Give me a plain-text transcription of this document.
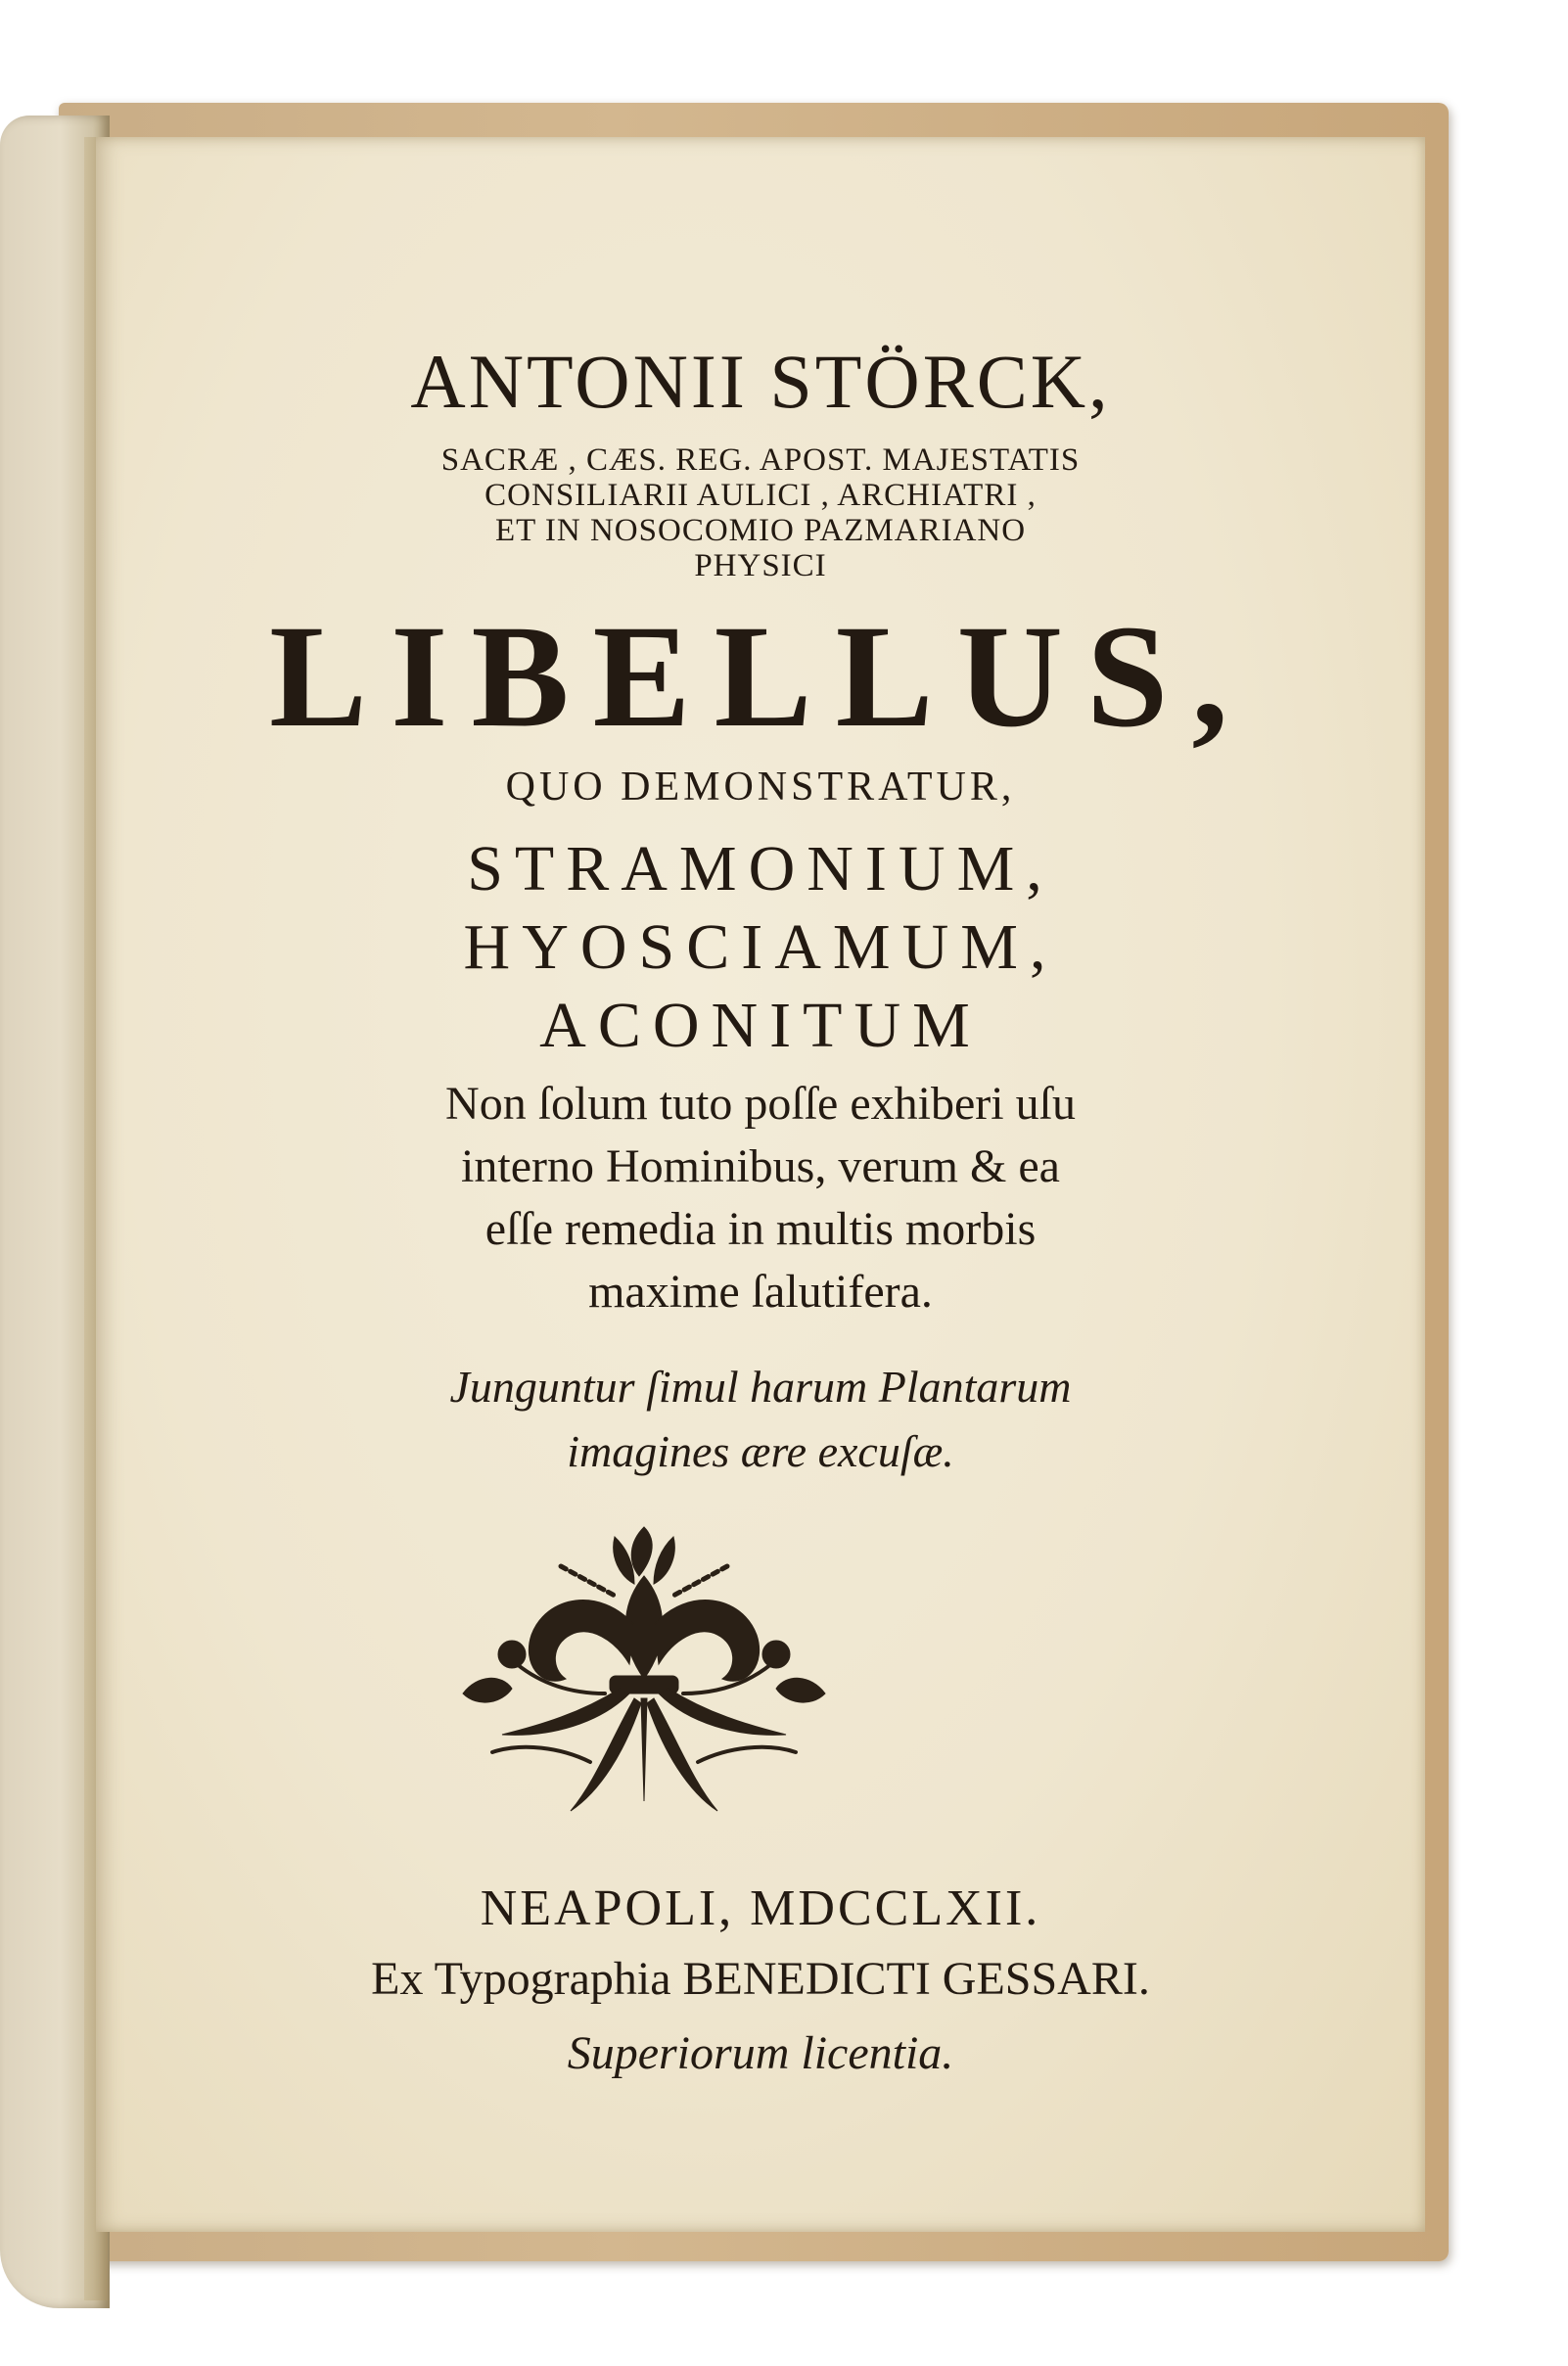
ANTONII STÖRCK,
SACRÆ , CÆS. REG. APOST. MAJESTATIS
CONSILIARII AULICI , ARCHIATRI ,
ET IN NOSOCOMIO PAZMARIANO
PHYSICI
LIBELLUS,
QUO DEMONSTRATUR,
STRAMONIUM,
HYOSCIAMUM,
ACONITUM
Non ſolum tuto poſſe exhiberi uſu
interno Hominibus, verum & ea
eſſe remedia in multis morbis
maxime ſalutifera.
Junguntur ſimul harum Plantarum
imagines ære excuſæ.
NEAPOLI, MDCCLXII.
Ex Typographia BENEDICTI GESSARI.
Superiorum licentia.
